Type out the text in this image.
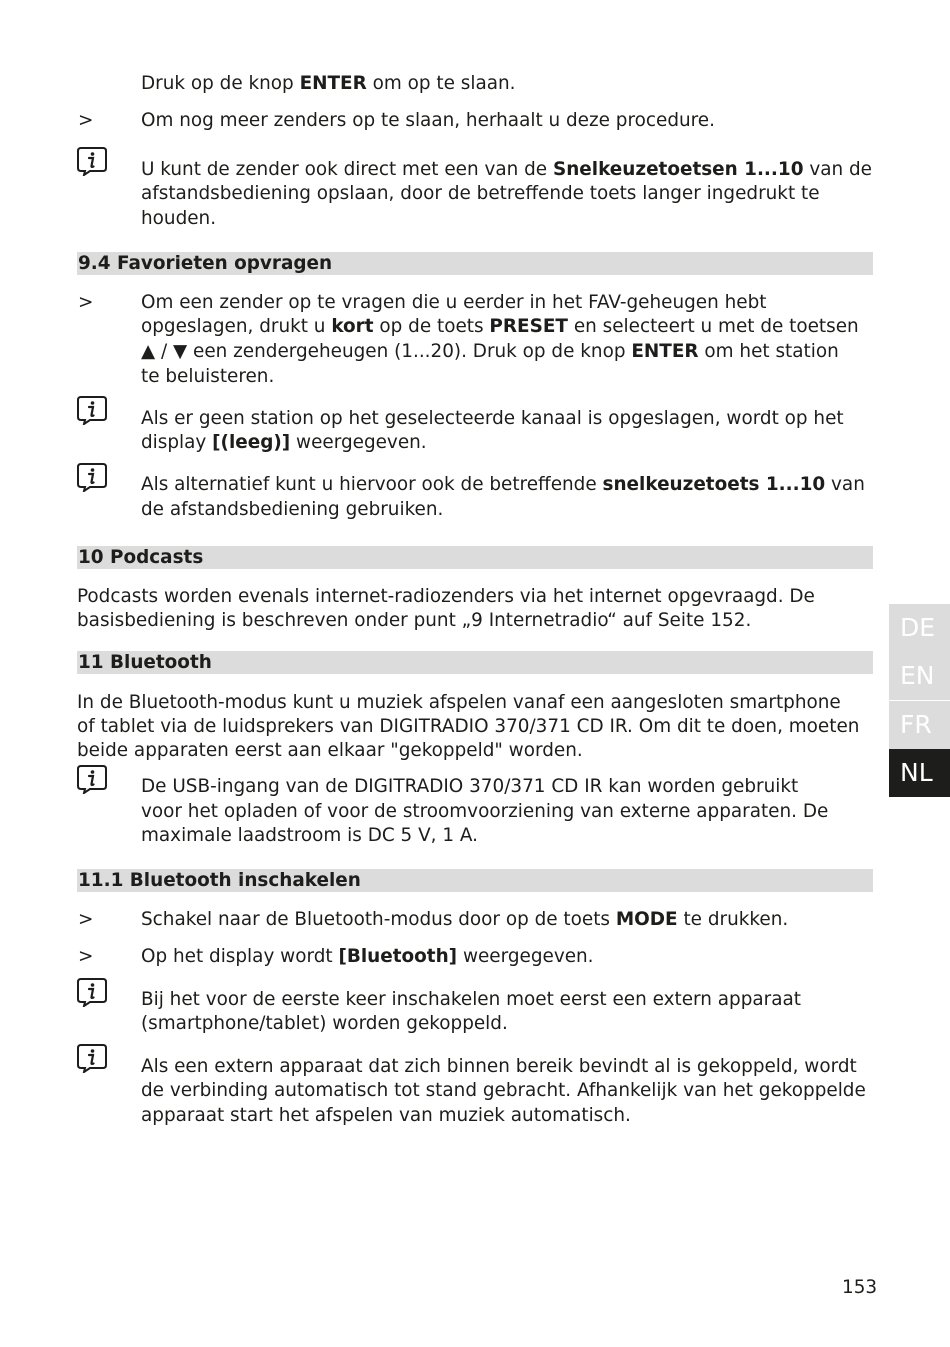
Druk op de knop ENTER om op te slaan.
>	Om nog meer zenders op te slaan, herhaalt u deze procedure.
U kunt de zender ook direct met een van de Snelkeuzetoetsen 1...10 van de
afstandsbediening opslaan, door de betreffende toets langer ingedrukt te
houden.
9.4 Favorieten opvragen
>	Om een zender op te vragen die u eerder in het FAV-geheugen hebt
opgeslagen, drukt u kort op de toets PRESET en selecteert u met de toetsen
▲ / ▼ een zendergeheugen (1...20). Druk op de knop ENTER om het station
te beluisteren.
Als er geen station op het geselecteerde kanaal is opgeslagen, wordt op het
display [(leeg)] weergegeven.
Als alternatief kunt u hiervoor ook de betreffende snelkeuzetoets 1...10 van
de afstandsbediening gebruiken.
10 Podcasts
Podcasts worden evenals internet-radiozenders via het internet opgevraagd. De
basisbediening is beschreven onder punt „9 Internetradio“ auf Seite 152.
11 Bluetooth
In de Bluetooth-modus kunt u muziek afspelen vanaf een aangesloten smartphone
of tablet via de luidsprekers van DIGITRADIO 370/371 CD IR. Om dit te doen, moeten
beide apparaten eerst aan elkaar "gekoppeld" worden.
De USB-ingang van de DIGITRADIO 370/371 CD IR kan worden gebruikt
voor het opladen of voor de stroomvoorziening van externe apparaten. De
maximale laadstroom is DC 5 V, 1 A.
11.1 Bluetooth inschakelen
>	Schakel naar de Bluetooth-modus door op de toets MODE te drukken.
>	Op het display wordt [Bluetooth] weergegeven.
Bij het voor de eerste keer inschakelen moet eerst een extern apparaat
(smartphone/tablet) worden gekoppeld.
Als een extern apparaat dat zich binnen bereik bevindt al is gekoppeld, wordt
de verbinding automatisch tot stand gebracht. Afhankelijk van het gekoppelde
apparaat start het afspelen van muziek automatisch.
DE
EN
FR
NL
153
